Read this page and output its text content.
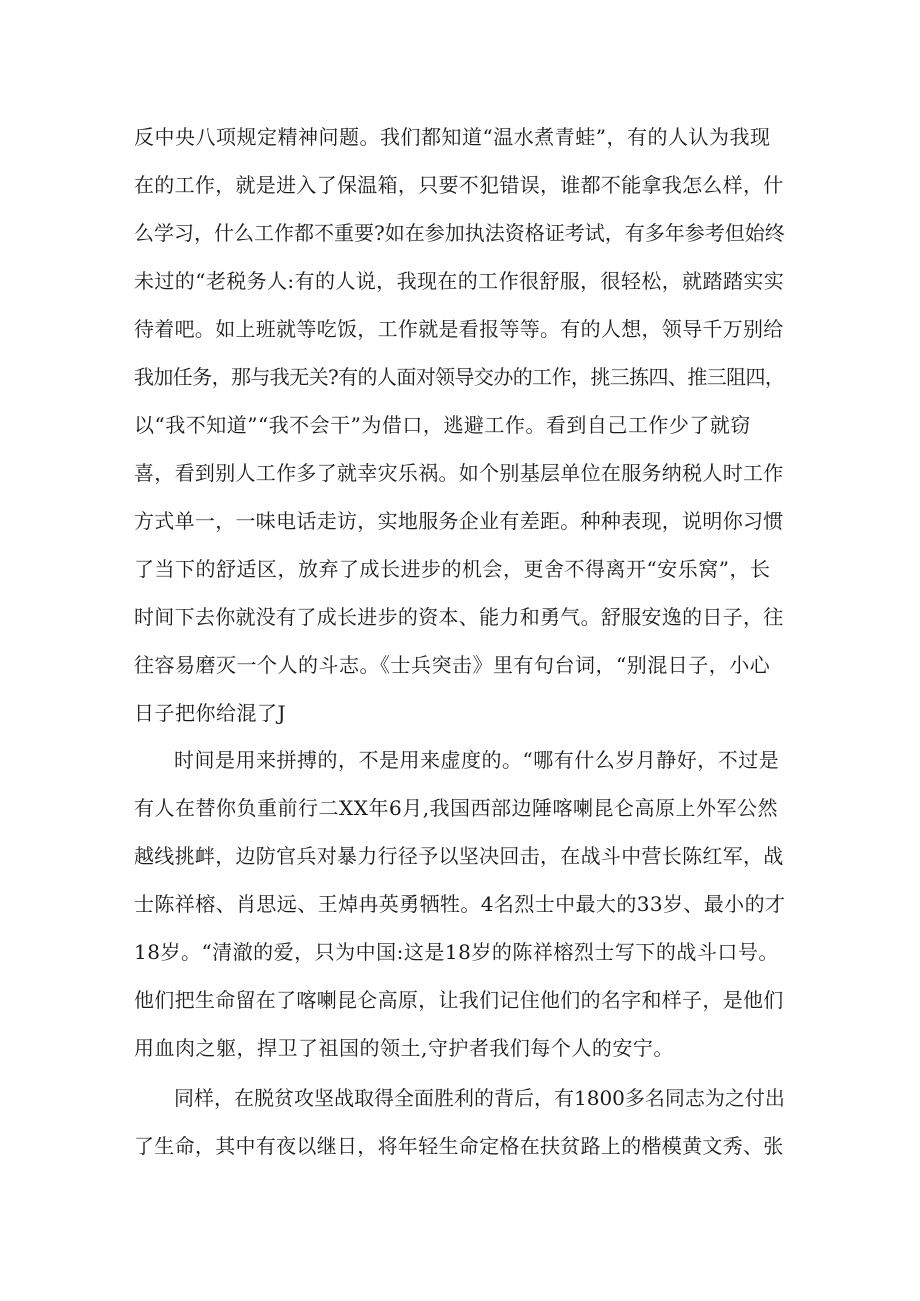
反中央八项规定精神问题。我们都知道“温水煮青蛙”，有的人认为我现
在的工作，就是进入了保温箱，只要不犯错误，谁都不能拿我怎么样，什
么学习，什么工作都不重要?如在参加执法资格证考试，有多年参考但始终
未过的“老税务人:有的人说，我现在的工作很舒服，很轻松，就踏踏实实
待着吧。如上班就等吃饭，工作就是看报等等。有的人想，领导千万别给
我加任务，那与我无关?有的人面对领导交办的工作，挑三拣四、推三阻四，
以“我不知道”“我不会干”为借口，逃避工作。看到自己工作少了就窃
喜，看到别人工作多了就幸灾乐祸。如个别基层单位在服务纳税人时工作
方式单一，一味电话走访，实地服务企业有差距。种种表现，说明你习惯
了当下的舒适区，放弃了成长进步的机会，更舍不得离开“安乐窝”，长
时间下去你就没有了成长进步的资本、能力和勇气。舒服安逸的日子，往
往容易磨灭一个人的斗志。《士兵突击》里有句台词，“别混日子，小心
日子把你给混了J
时间是用来拼搏的，不是用来虚度的。“哪有什么岁月静好，不过是
有人在替你负重前行二XX年6月,我国西部边陲喀喇昆仑高原上外军公然
越线挑衅，边防官兵对暴力行径予以坚决回击，在战斗中营长陈红军，战
士陈祥榕、肖思远、王焯冉英勇牺牲。4名烈士中最大的33岁、最小的才
18岁。“清澈的爱，只为中国:这是18岁的陈祥榕烈士写下的战斗口号。
他们把生命留在了喀喇昆仑高原，让我们记住他们的名字和样子，是他们
用血肉之躯，捍卫了祖国的领土,守护者我们每个人的安宁。
同样，在脱贫攻坚战取得全面胜利的背后，有1800多名同志为之付出
了生命，其中有夜以继日，将年轻生命定格在扶贫路上的楷模黄文秀、张
